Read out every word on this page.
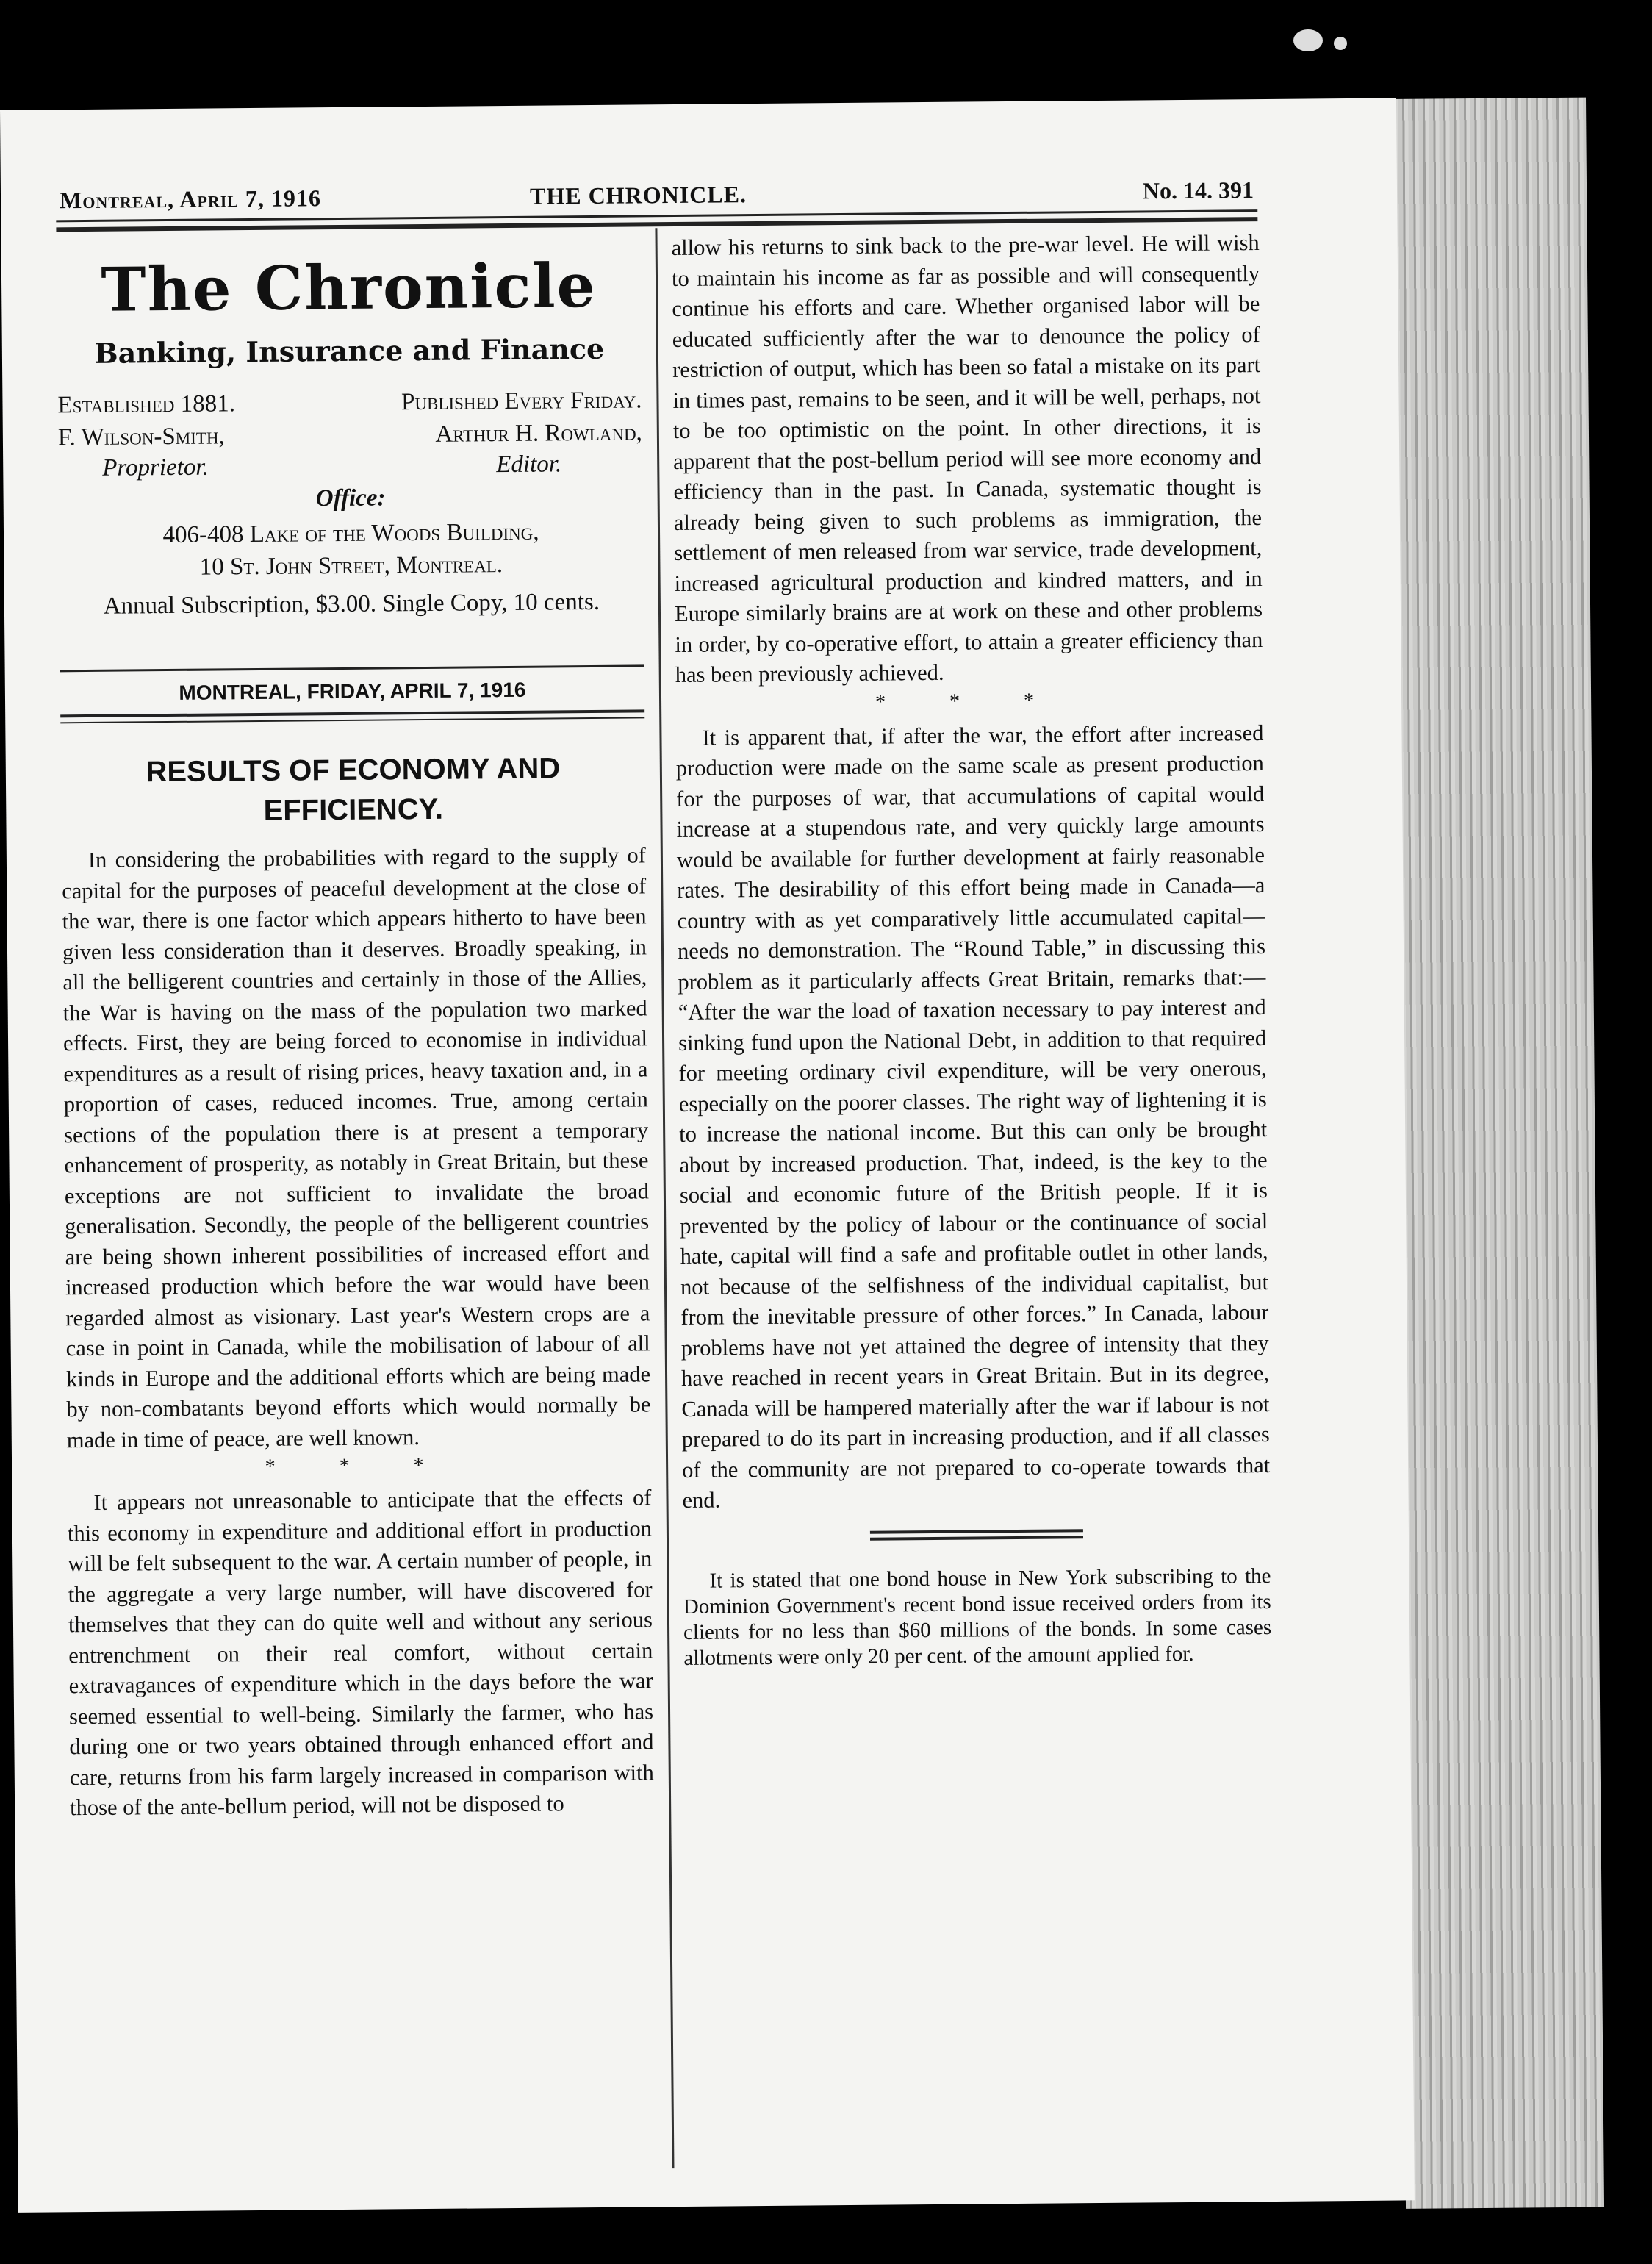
Montreal, April 7, 1916	THE CHRONICLE.	No. 14. 391
The Chronicle
Banking, Insurance and Finance
Established 1881.	Published Every Friday.
F. Wilson-Smith,	Arthur H. Rowland,
Proprietor.	Editor.
Office:
406-408 Lake of the Woods Building,
10 St. John Street, Montreal.
Annual Subscription, $3.00. Single Copy, 10 cents.
MONTREAL, FRIDAY, APRIL 7, 1916
RESULTS OF ECONOMY AND EFFICIENCY.

In considering the probabilities with regard to the supply of capital for the purposes of peaceful development at the close of the war, there is one factor which appears hitherto to have been given less consideration than it deserves. Broadly speaking, in all the belligerent countries and certainly in those of the Allies, the War is having on the mass of the population two marked effects. First, they are being forced to economise in individual expenditures as a result of rising prices, heavy taxation and, in a proportion of cases, reduced incomes. True, among certain sections of the population there is at present a temporary enhancement of prosperity, as notably in Great Britain, but these exceptions are not sufficient to invalidate the broad generalisation. Secondly, the people of the belligerent countries are being shown inherent possibilities of increased effort and increased production which before the war would have been regarded almost as visionary. Last year's Western crops are a case in point in Canada, while the mobilisation of labour of all kinds in Europe and the additional efforts which are being made by non-combatants beyond efforts which would normally be made in time of peace, are well known.

* * *

It appears not unreasonable to anticipate that the effects of this economy in expenditure and additional effort in production will be felt subsequent to the war. A certain number of people, in the aggregate a very large number, will have discovered for themselves that they can do quite well and without any serious entrenchment on their real comfort, without certain extravagances of expenditure which in the days before the war seemed essential to well-being. Similarly the farmer, who has during one or two years obtained through enhanced effort and care, returns from his farm largely increased in comparison with those of the ante-bellum period, will not be disposed to

allow his returns to sink back to the pre-war level. He will wish to maintain his income as far as possible and will consequently continue his efforts and care. Whether organised labor will be educated sufficiently after the war to denounce the policy of restriction of output, which has been so fatal a mistake on its part in times past, remains to be seen, and it will be well, perhaps, not to be too optimistic on the point. In other directions, it is apparent that the post-bellum period will see more economy and efficiency than in the past. In Canada, systematic thought is already being given to such problems as immigration, the settlement of men released from war service, trade development, increased agricultural production and kindred matters, and in Europe similarly brains are at work on these and other problems in order, by co-operative effort, to attain a greater efficiency than has been previously achieved.

* * *

It is apparent that, if after the war, the effort after increased production were made on the same scale as present production for the purposes of war, that accumulations of capital would increase at a stupendous rate, and very quickly large amounts would be available for further development at fairly reasonable rates. The desirability of this effort being made in Canada—a country with as yet comparatively little accumulated capital—needs no demonstration. The “Round Table,” in discussing this problem as it particularly affects Great Britain, remarks that:— “After the war the load of taxation necessary to pay interest and sinking fund upon the National Debt, in addition to that required for meeting ordinary civil expenditure, will be very onerous, especially on the poorer classes. The right way of lightening it is to increase the national income. But this can only be brought about by increased production. That, indeed, is the key to the social and economic future of the British people. If it is prevented by the policy of labour or the continuance of social hate, capital will find a safe and profitable outlet in other lands, not because of the selfishness of the individual capitalist, but from the inevitable pressure of other forces.” In Canada, labour problems have not yet attained the degree of intensity that they have reached in recent years in Great Britain. But in its degree, Canada will be hampered materially after the war if labour is not prepared to do its part in increasing production, and if all classes of the community are not prepared to co-operate towards that end.

It is stated that one bond house in New York subscribing to the Dominion Government's recent bond issue received orders from its clients for no less than $60 millions of the bonds. In some cases allotments were only 20 per cent. of the amount applied for.
